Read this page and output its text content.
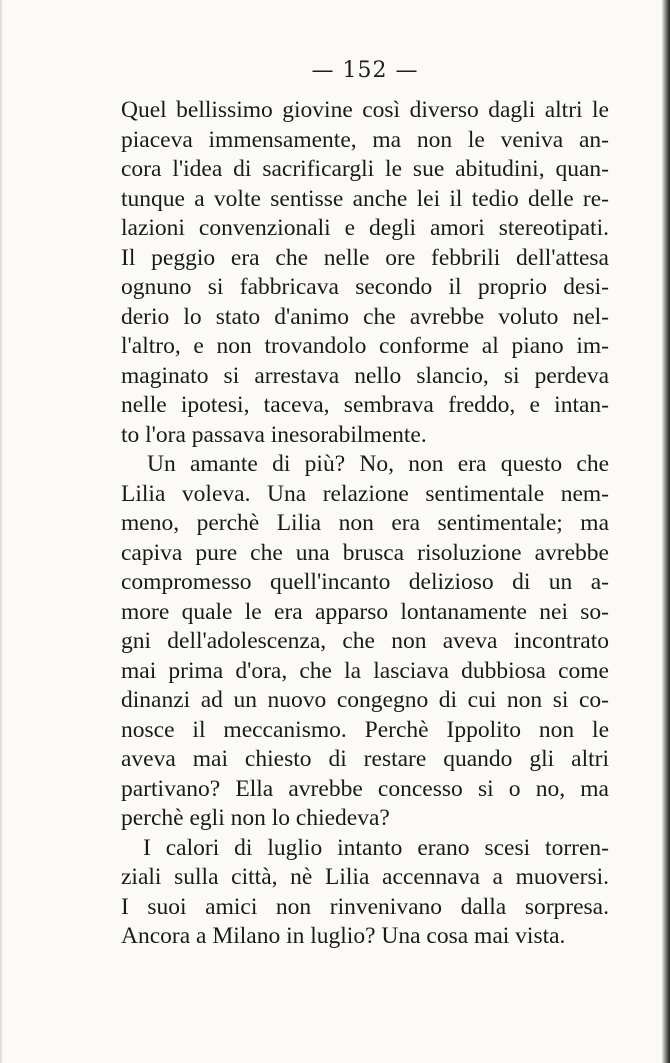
— 152 —
Quel bellissimo giovine così diverso dagli altri le
piaceva immensamente, ma non le veniva an-
cora l'idea di sacrificargli le sue abitudini, quan-
tunque a volte sentisse anche lei il tedio delle re-
lazioni convenzionali e degli amori stereotipati.
Il peggio era che nelle ore febbrili dell'attesa
ognuno si fabbricava secondo il proprio desi-
derio lo stato d'animo che avrebbe voluto nel-
l'altro, e non trovandolo conforme al piano im-
maginato si arrestava nello slancio, si perdeva
nelle ipotesi, taceva, sembrava freddo, e intan-
to l'ora passava inesorabilmente.
Un amante di più? No, non era questo che
Lilia voleva. Una relazione sentimentale nem-
meno, perchè Lilia non era sentimentale; ma
capiva pure che una brusca risoluzione avrebbe
compromesso quell'incanto delizioso di un a-
more quale le era apparso lontanamente nei so-
gni dell'adolescenza, che non aveva incontrato
mai prima d'ora, che la lasciava dubbiosa come
dinanzi ad un nuovo congegno di cui non si co-
nosce il meccanismo. Perchè Ippolito non le
aveva mai chiesto di restare quando gli altri
partivano? Ella avrebbe concesso si o no, ma
perchè egli non lo chiedeva?
I calori di luglio intanto erano scesi torren-
ziali sulla città, nè Lilia accennava a muoversi.
I suoi amici non rinvenivano dalla sorpresa.
Ancora a Milano in luglio? Una cosa mai vista.
